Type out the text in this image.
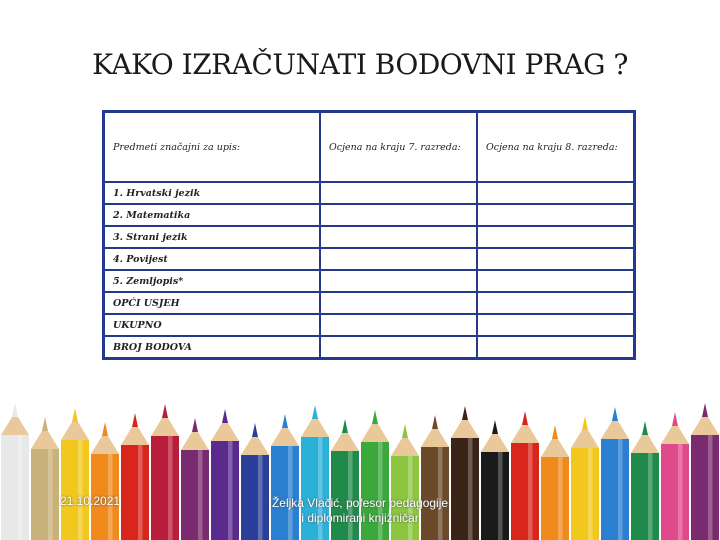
KAKO IZRAČUNATI BODOVNI PRAG ?
Predmeti značajni za upis:	Ocjena na kraju 7. razreda:	Ocjena na kraju 8. razreda:
1. Hrvatski jezik		
2. Matematika		
3. Strani jezik		
4. Povijest		
5. Zemljopis*		
OPĆI USJEH		
UKUPNO		
BROJ BODOVA		
21.10.2021	Željka Vlačić, pofesor pedagogije
i diplomirani knjižničar
